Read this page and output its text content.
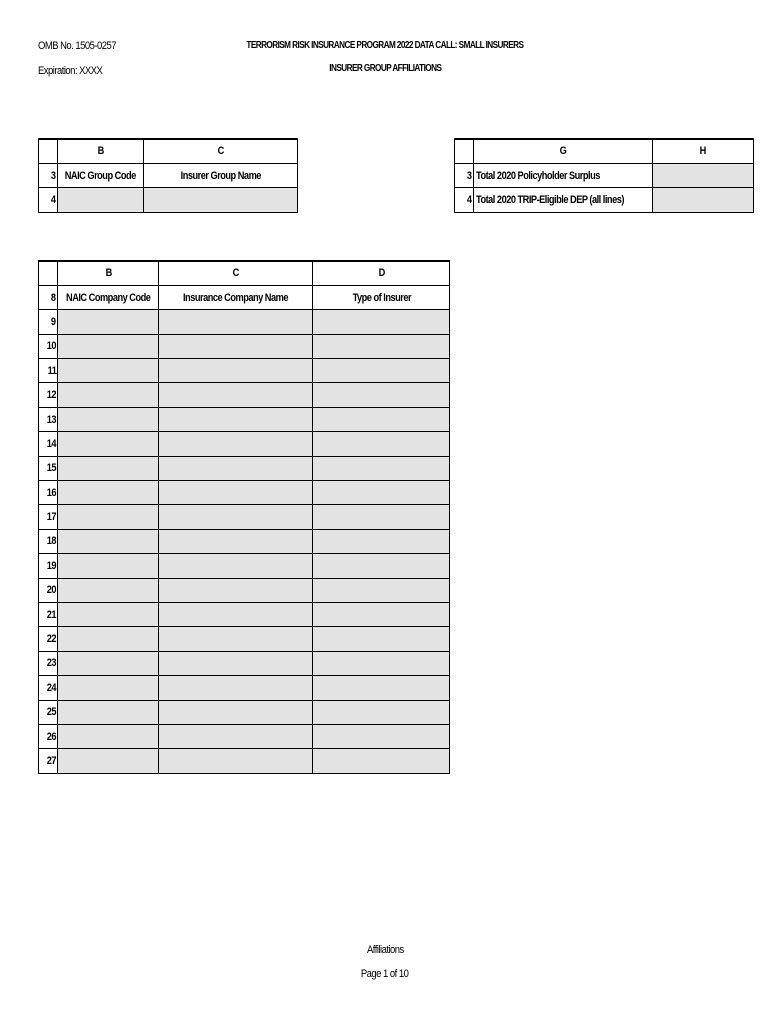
OMB No. 1505-0257
Expiration: XXXX
TERRORISM RISK INSURANCE PROGRAM 2022 DATA CALL: SMALL INSURERS
INSURER GROUP AFFILIATIONS
	B	C
3	NAIC Group Code	Insurer Group Name
4		
	G	H
3	Total 2020 Policyholder Surplus	
4	Total 2020 TRIP-Eligible DEP (all lines)	
	B	C	D
8	NAIC Company Code	Insurance Company Name	Type of Insurer
9			
10			
11			
12			
13			
14			
15			
16			
17			
18			
19			
20			
21			
22			
23			
24			
25			
26			
27			
Affiliations
Page 1 of 10
